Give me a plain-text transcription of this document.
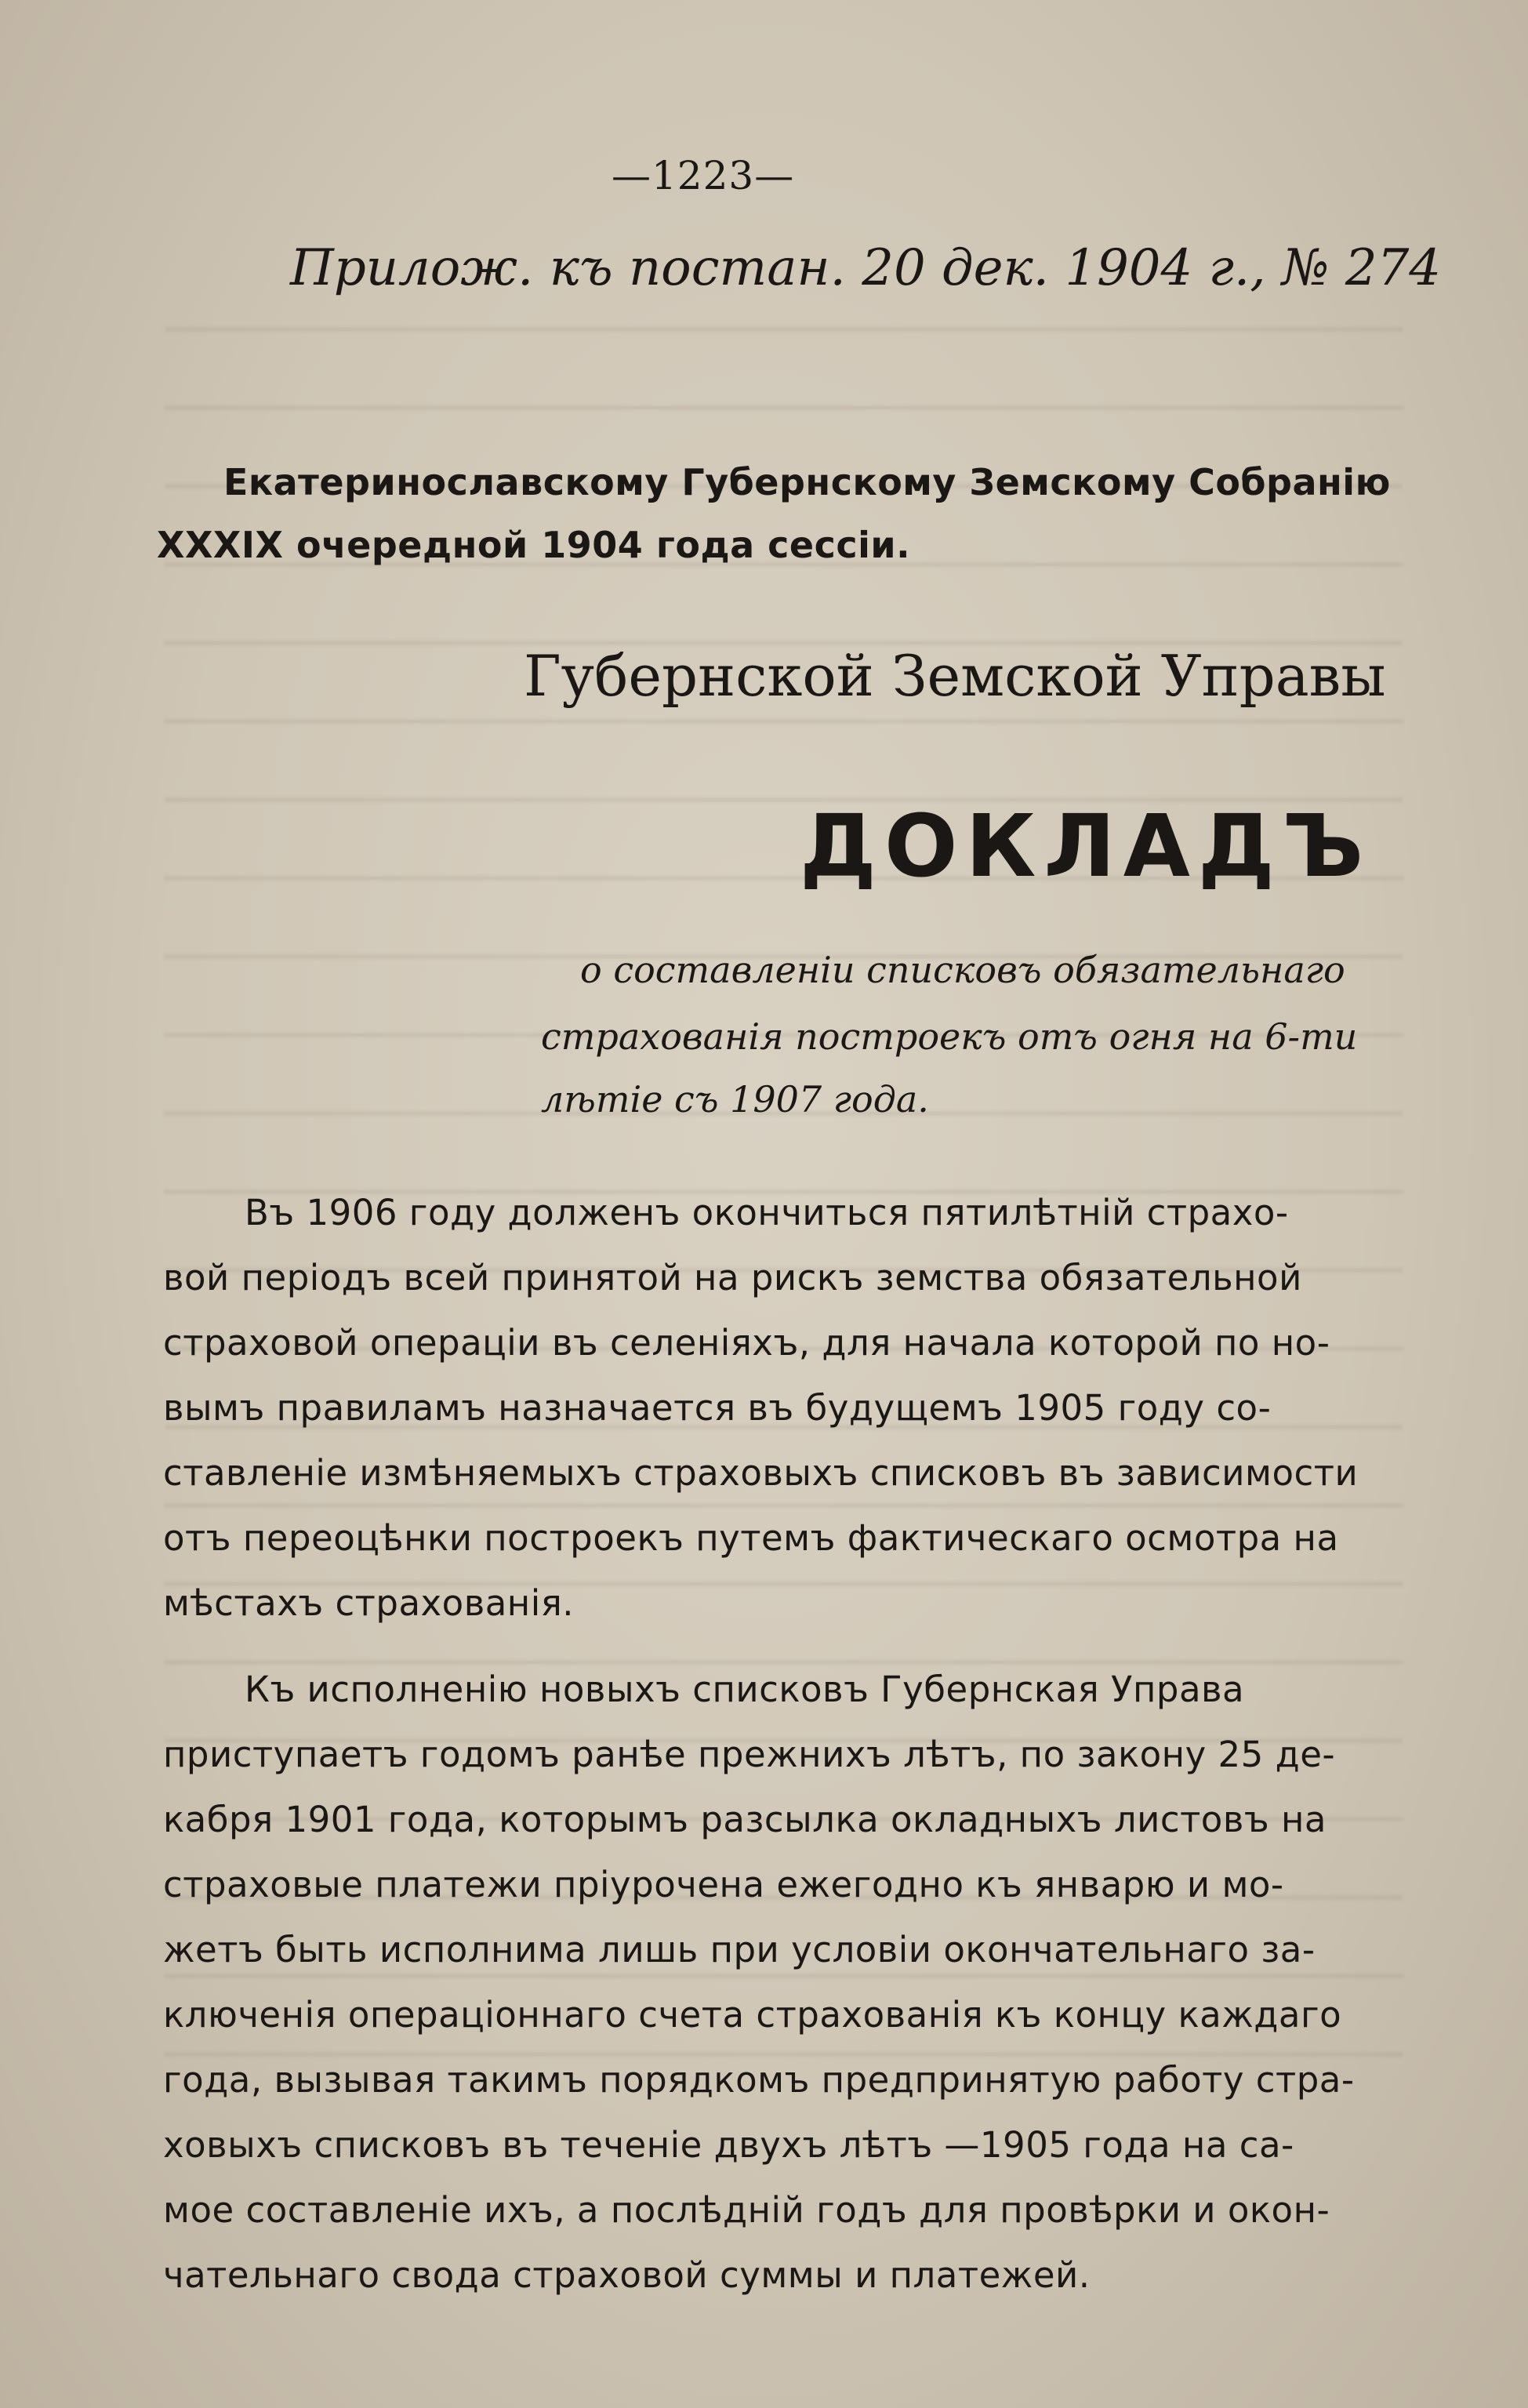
—1223—
Прилож. къ постан. 20 дек. 1904 г., № 274
Екатеринославскому Губернскому Земскому Собранію
XXXIX очередной 1904 года сессіи.
Губернской Земской Управы
ДОКЛАДЪ
о составленіи списковъ обязательнаго
страхованія построекъ отъ огня на 6-ти
лѣтіе съ 1907 года.
Въ 1906 году долженъ окончиться пятилѣтній страхо-
вой періодъ всей принятой на рискъ земства обязательной
страховой операціи въ селеніяхъ, для начала которой по но-
вымъ правиламъ назначается въ будущемъ 1905 году со-
ставленіе измѣняемыхъ страховыхъ списковъ въ зависимости
отъ переоцѣнки построекъ путемъ фактическаго осмотра на
мѣстахъ страхованія.
Къ исполненію новыхъ списковъ Губернская Управа
приступаетъ годомъ ранѣе прежнихъ лѣтъ, по закону 25 де-
кабря 1901 года, которымъ разсылка окладныхъ листовъ на
страховые платежи пріурочена ежегодно къ январю и мо-
жетъ быть исполнима лишь при условіи окончательнаго за-
ключенія операціоннаго счета страхованія къ концу каждаго
года, вызывая такимъ порядкомъ предпринятую работу стра-
ховыхъ списковъ въ теченіе двухъ лѣтъ —1905 года на са-
мое составленіе ихъ, а послѣдній годъ для провѣрки и окон-
чательнаго свода страховой суммы и платежей.
